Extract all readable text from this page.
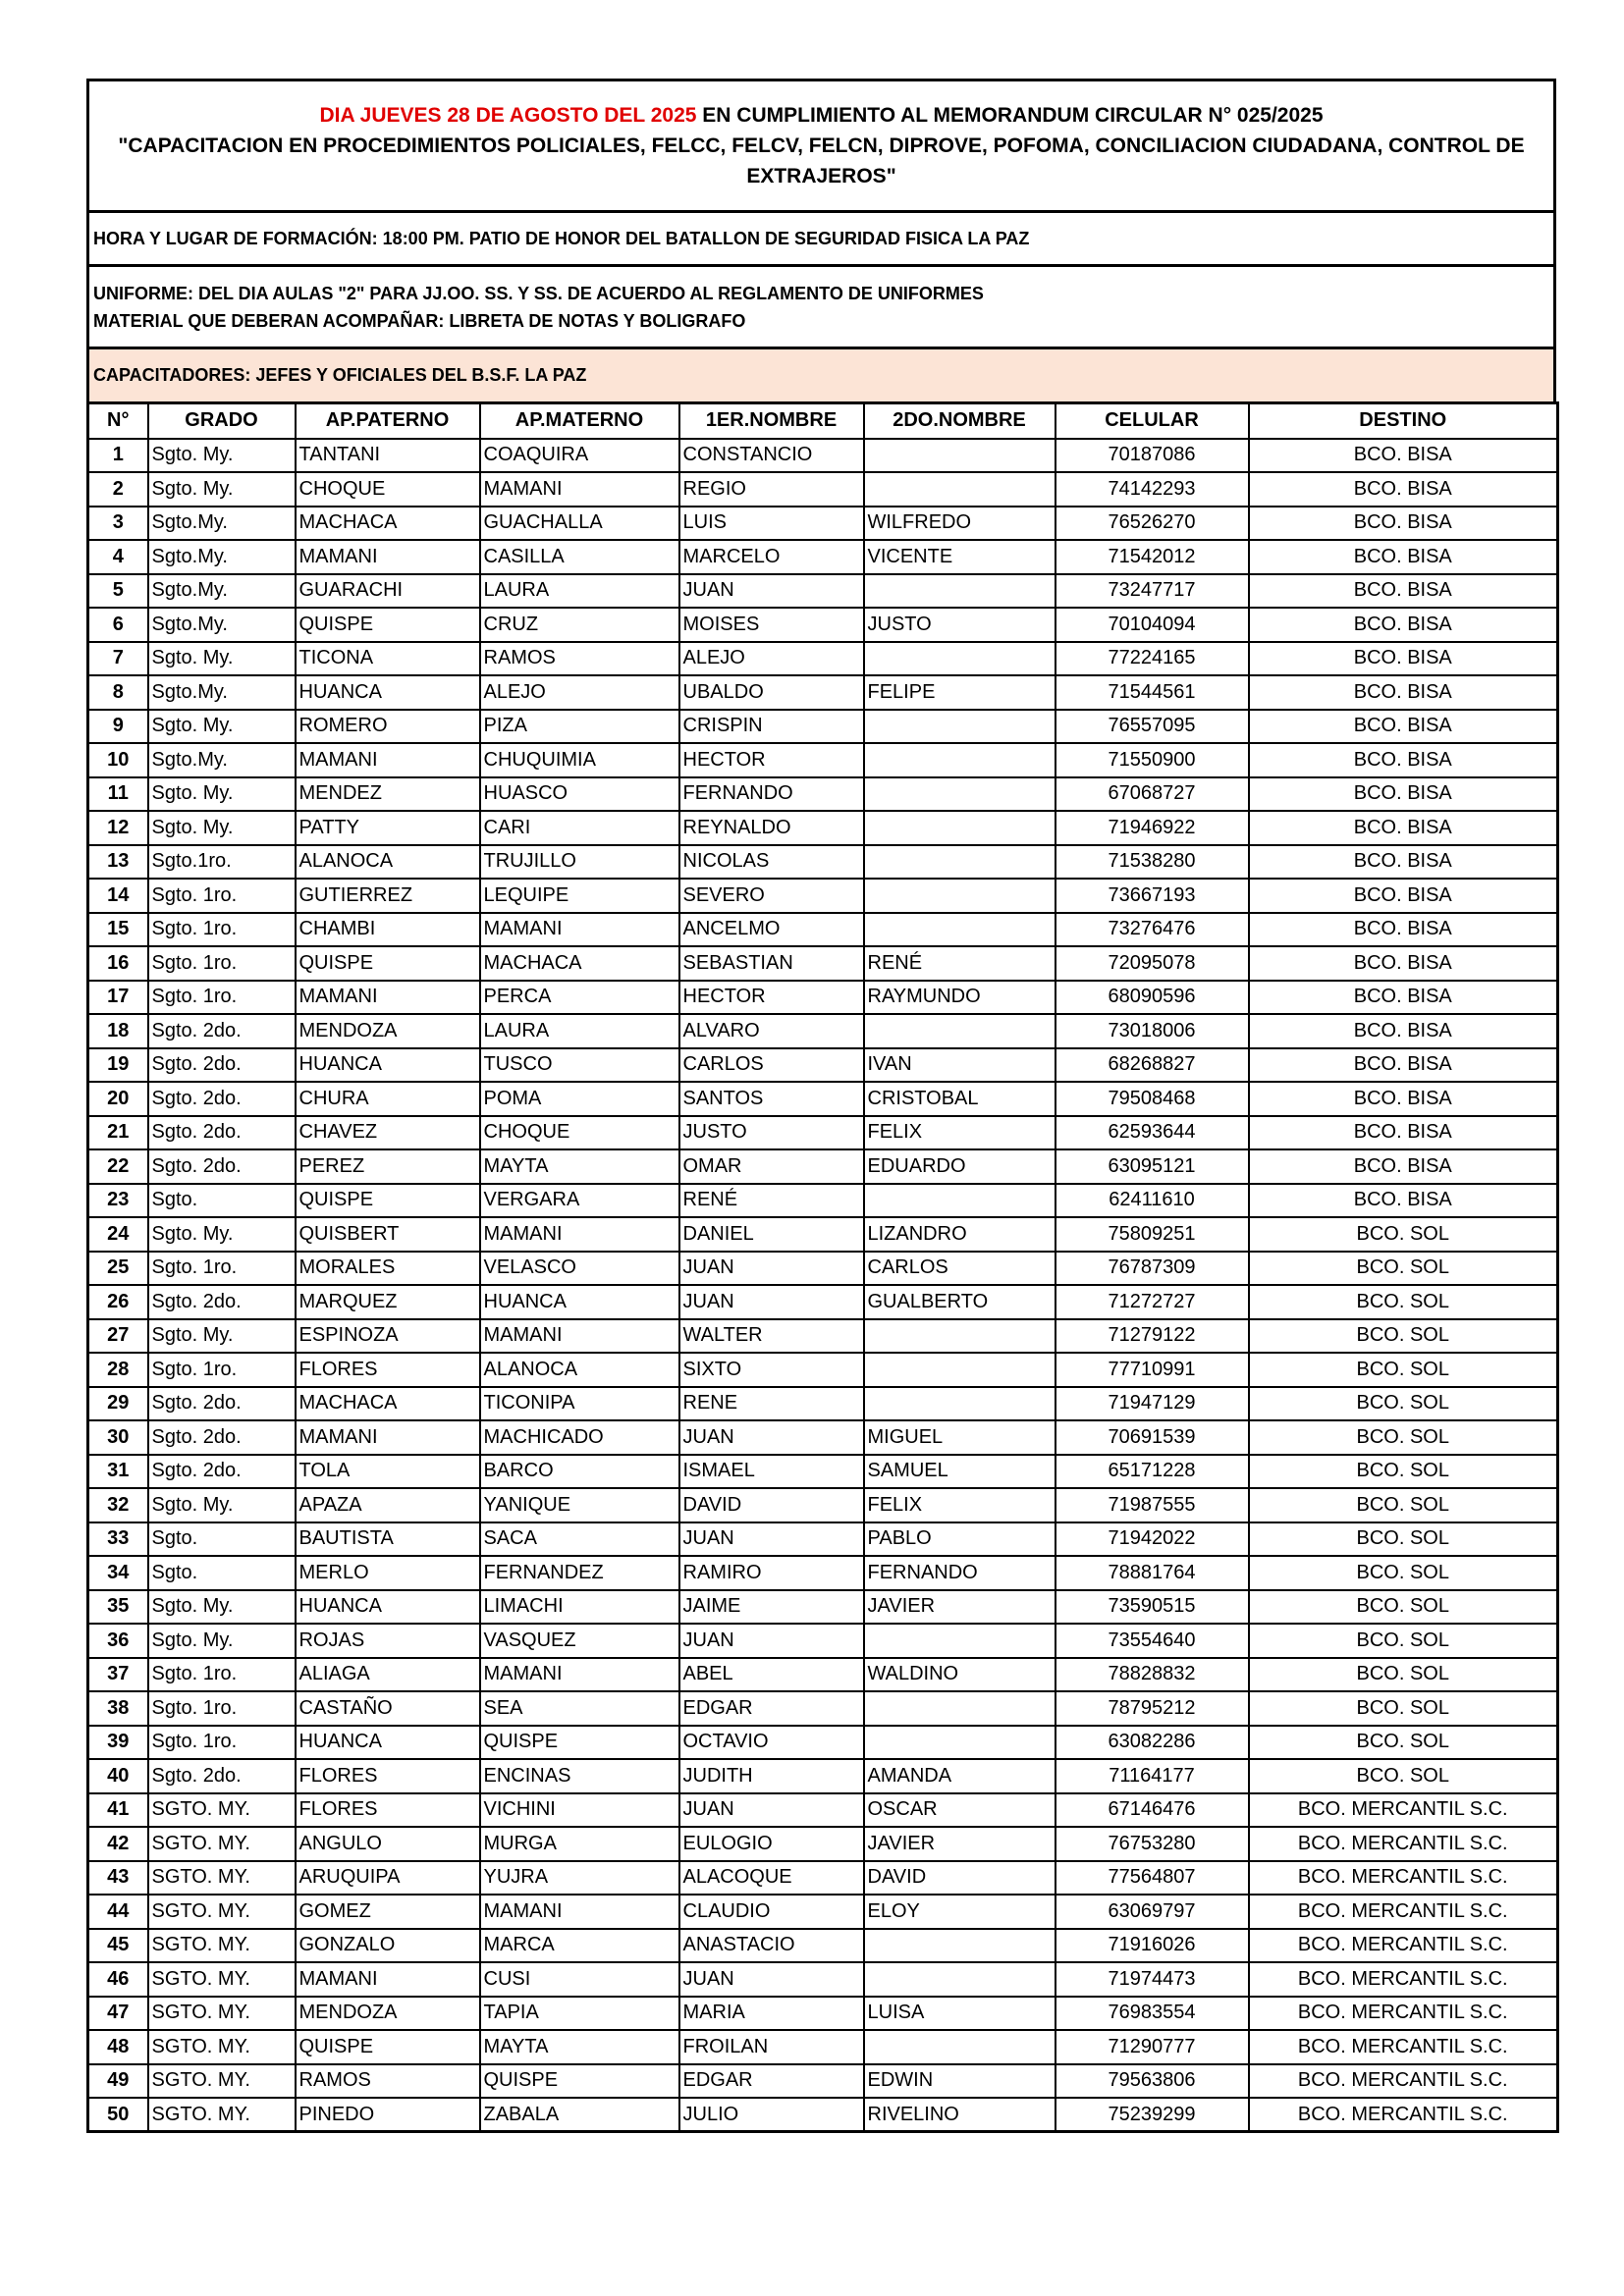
DIA JUEVES 28 DE AGOSTO DEL 2025 EN CUMPLIMIENTO AL MEMORANDUM CIRCULAR N° 025/2025
"CAPACITACION EN PROCEDIMIENTOS POLICIALES, FELCC, FELCV, FELCN, DIPROVE, POFOMA, CONCILIACION CIUDADANA, CONTROL DE EXTRAJEROS"
HORA Y LUGAR DE FORMACIÓN: 18:00 PM. PATIO DE HONOR DEL BATALLON DE SEGURIDAD FISICA LA PAZ
UNIFORME: DEL DIA AULAS "2" PARA JJ.OO. SS. Y SS. DE ACUERDO AL REGLAMENTO DE UNIFORMES
MATERIAL QUE DEBERAN ACOMPAÑAR: LIBRETA DE NOTAS Y BOLIGRAFO
CAPACITADORES: JEFES Y OFICIALES DEL B.S.F. LA PAZ
N°	GRADO	AP.PATERNO	AP.MATERNO	1ER.NOMBRE	2DO.NOMBRE	CELULAR	DESTINO
1	Sgto. My.	TANTANI	COAQUIRA	CONSTANCIO		70187086	BCO. BISA
2	Sgto. My.	CHOQUE	MAMANI	REGIO		74142293	BCO. BISA
3	Sgto.My.	MACHACA	GUACHALLA	LUIS	WILFREDO	76526270	BCO. BISA
4	Sgto.My.	MAMANI	CASILLA	MARCELO	VICENTE	71542012	BCO. BISA
5	Sgto.My.	GUARACHI	LAURA	JUAN		73247717	BCO. BISA
6	Sgto.My.	QUISPE	CRUZ	MOISES	JUSTO	70104094	BCO. BISA
7	Sgto. My.	TICONA	RAMOS	ALEJO		77224165	BCO. BISA
8	Sgto.My.	HUANCA	ALEJO	UBALDO	FELIPE	71544561	BCO. BISA
9	Sgto. My.	ROMERO	PIZA	CRISPIN		76557095	BCO. BISA
10	Sgto.My.	MAMANI	CHUQUIMIA	HECTOR		71550900	BCO. BISA
11	Sgto. My.	MENDEZ	HUASCO	FERNANDO		67068727	BCO. BISA
12	Sgto. My.	PATTY	CARI	REYNALDO		71946922	BCO. BISA
13	Sgto.1ro.	ALANOCA	TRUJILLO	NICOLAS		71538280	BCO. BISA
14	Sgto. 1ro.	GUTIERREZ	LEQUIPE	SEVERO		73667193	BCO. BISA
15	Sgto. 1ro.	CHAMBI	MAMANI	ANCELMO		73276476	BCO. BISA
16	Sgto. 1ro.	QUISPE	MACHACA	SEBASTIAN	RENÉ	72095078	BCO. BISA
17	Sgto. 1ro.	MAMANI	PERCA	HECTOR	RAYMUNDO	68090596	BCO. BISA
18	Sgto. 2do.	MENDOZA	LAURA	ALVARO		73018006	BCO. BISA
19	Sgto. 2do.	HUANCA	TUSCO	CARLOS	IVAN	68268827	BCO. BISA
20	Sgto. 2do.	CHURA	POMA	SANTOS	CRISTOBAL	79508468	BCO. BISA
21	Sgto. 2do.	CHAVEZ	CHOQUE	JUSTO	FELIX	62593644	BCO. BISA
22	Sgto. 2do.	PEREZ	MAYTA	OMAR	EDUARDO	63095121	BCO. BISA
23	Sgto.	QUISPE	VERGARA	RENÉ		62411610	BCO. BISA
24	Sgto. My.	QUISBERT	MAMANI	DANIEL	LIZANDRO	75809251	BCO. SOL
25	Sgto. 1ro.	MORALES	VELASCO	JUAN	CARLOS	76787309	BCO. SOL
26	Sgto. 2do.	MARQUEZ	HUANCA	JUAN	GUALBERTO	71272727	BCO. SOL
27	Sgto. My.	ESPINOZA	MAMANI	WALTER		71279122	BCO. SOL
28	Sgto. 1ro.	FLORES	ALANOCA	SIXTO		77710991	BCO. SOL
29	Sgto. 2do.	MACHACA	TICONIPA	RENE		71947129	BCO. SOL
30	Sgto. 2do.	MAMANI	MACHICADO	JUAN	MIGUEL	70691539	BCO. SOL
31	Sgto. 2do.	TOLA	BARCO	ISMAEL	SAMUEL	65171228	BCO. SOL
32	Sgto. My.	APAZA	YANIQUE	DAVID	FELIX	71987555	BCO. SOL
33	Sgto.	BAUTISTA	SACA	JUAN	PABLO	71942022	BCO. SOL
34	Sgto.	MERLO	FERNANDEZ	RAMIRO	FERNANDO	78881764	BCO. SOL
35	Sgto. My.	HUANCA	LIMACHI	JAIME	JAVIER	73590515	BCO. SOL
36	Sgto. My.	ROJAS	VASQUEZ	JUAN		73554640	BCO. SOL
37	Sgto. 1ro.	ALIAGA	MAMANI	ABEL	WALDINO	78828832	BCO. SOL
38	Sgto. 1ro.	CASTAÑO	SEA	EDGAR		78795212	BCO. SOL
39	Sgto. 1ro.	HUANCA	QUISPE	OCTAVIO		63082286	BCO. SOL
40	Sgto. 2do.	FLORES	ENCINAS	JUDITH	AMANDA	71164177	BCO. SOL
41	SGTO. MY.	FLORES	VICHINI	JUAN	OSCAR	67146476	BCO. MERCANTIL S.C.
42	SGTO. MY.	ANGULO	MURGA	EULOGIO	JAVIER	76753280	BCO. MERCANTIL S.C.
43	SGTO. MY.	ARUQUIPA	YUJRA	ALACOQUE	DAVID	77564807	BCO. MERCANTIL S.C.
44	SGTO. MY.	GOMEZ	MAMANI	CLAUDIO	ELOY	63069797	BCO. MERCANTIL S.C.
45	SGTO. MY.	GONZALO	MARCA	ANASTACIO		71916026	BCO. MERCANTIL S.C.
46	SGTO. MY.	MAMANI	CUSI	JUAN		71974473	BCO. MERCANTIL S.C.
47	SGTO. MY.	MENDOZA	TAPIA	MARIA	LUISA	76983554	BCO. MERCANTIL S.C.
48	SGTO. MY.	QUISPE	MAYTA	FROILAN		71290777	BCO. MERCANTIL S.C.
49	SGTO. MY.	RAMOS	QUISPE	EDGAR	EDWIN	79563806	BCO. MERCANTIL S.C.
50	SGTO. MY.	PINEDO	ZABALA	JULIO	RIVELINO	75239299	BCO. MERCANTIL S.C.
